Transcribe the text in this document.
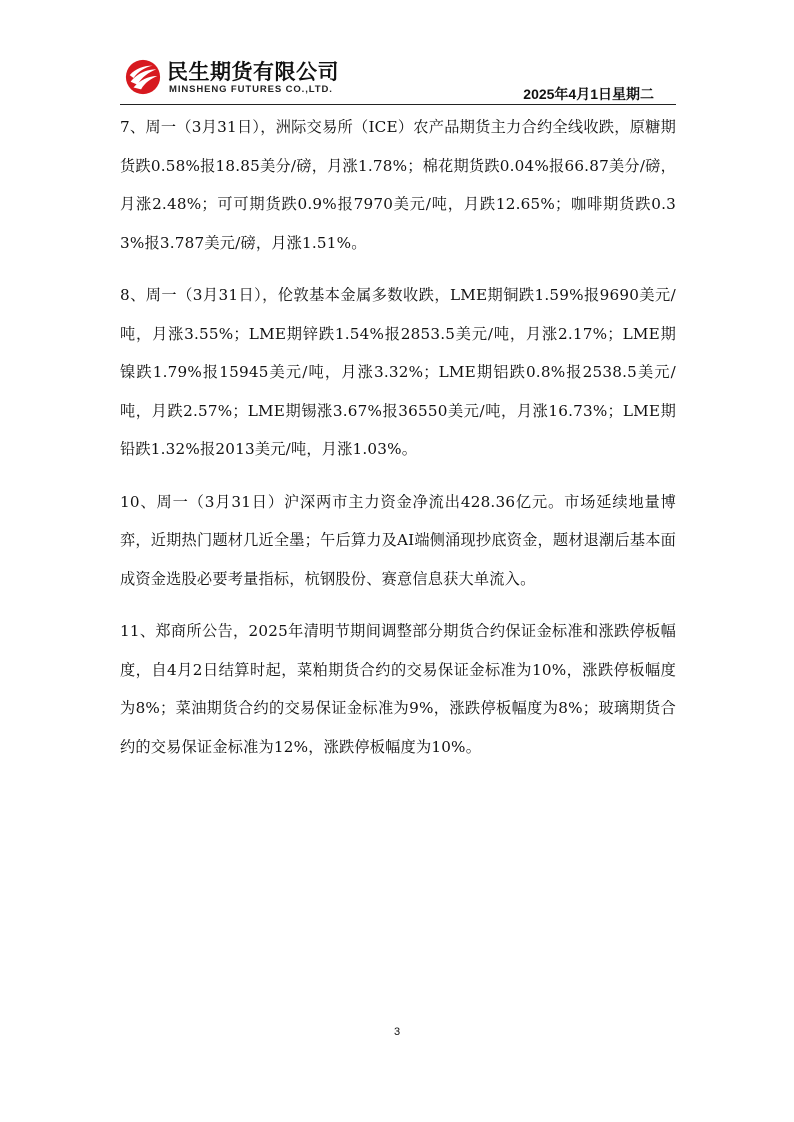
民生期货有限公司
MINSHENG FUTURES CO.,LTD.	2025年4月1日星期二

7、周一（3月31日），洲际交易所（ICE）农产品期货主力合约全线收跌，原糖期货跌0.58%报18.85美分/磅，月涨1.78%；棉花期货跌0.04%报66.87美分/磅，月涨2.48%；可可期货跌0.9%报7970美元/吨，月跌12.65%；咖啡期货跌0.33%报3.787美元/磅，月涨1.51%。

8、周一（3月31日），伦敦基本金属多数收跌，LME期铜跌1.59%报9690美元/吨，月涨3.55%；LME期锌跌1.54%报2853.5美元/吨，月涨2.17%；LME期镍跌1.79%报15945美元/吨，月涨3.32%；LME期铝跌0.8%报2538.5美元/吨，月跌2.57%；LME期锡涨3.67%报36550美元/吨，月涨16.73%；LME期铅跌1.32%报2013美元/吨，月涨1.03%。

10、周一（3月31日）沪深两市主力资金净流出428.36亿元。市场延续地量博弈，近期热门题材几近全墨；午后算力及AI端侧涌现抄底资金，题材退潮后基本面成资金选股必要考量指标，杭钢股份、赛意信息获大单流入。

11、郑商所公告，2025年清明节期间调整部分期货合约保证金标准和涨跌停板幅度，自4月2日结算时起，菜粕期货合约的交易保证金标准为10%，涨跌停板幅度为8%；菜油期货合约的交易保证金标准为9%，涨跌停板幅度为8%；玻璃期货合约的交易保证金标准为12%，涨跌停板幅度为10%。

3
